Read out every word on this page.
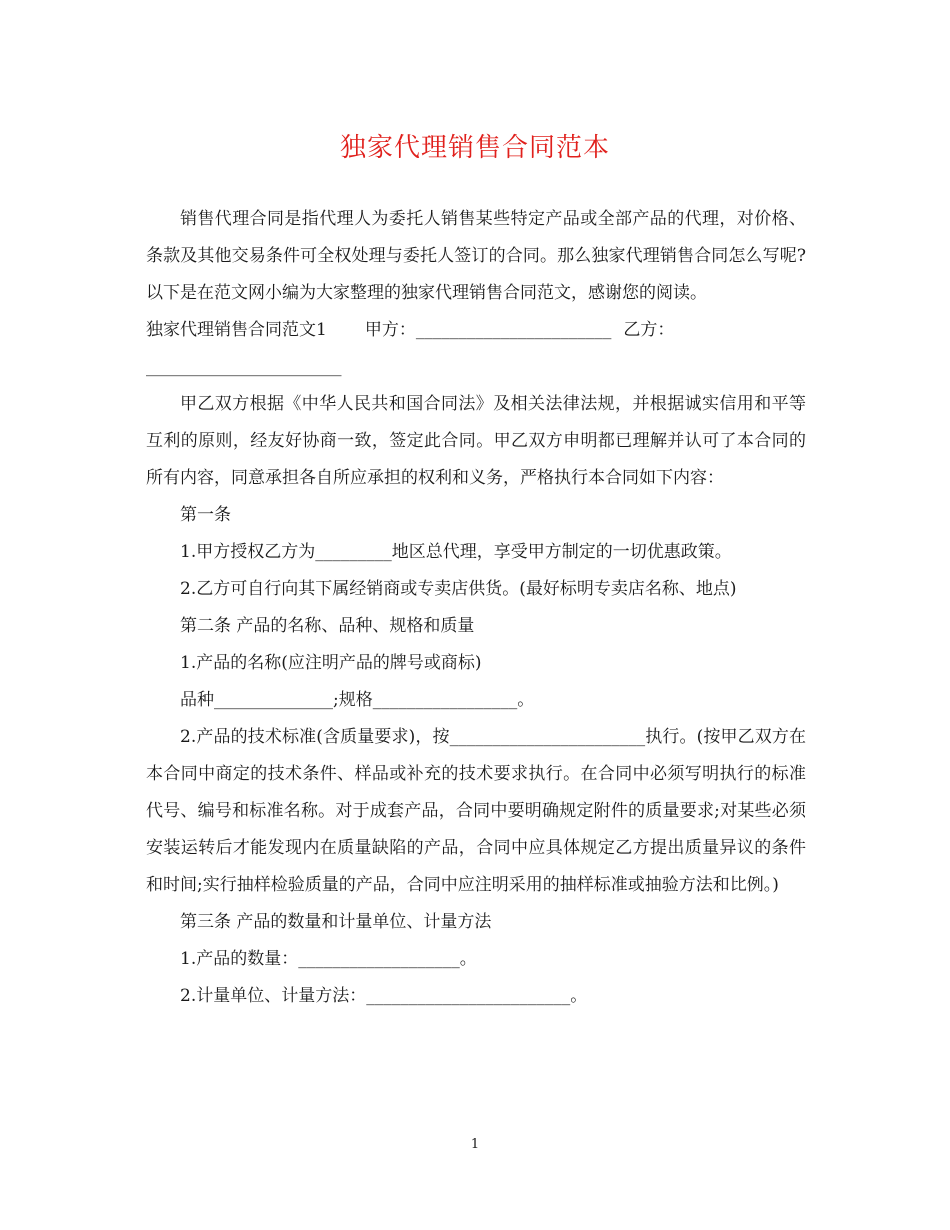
独家代理销售合同范本

销售代理合同是指代理人为委托人销售某些特定产品或全部产品的代理，对价格、条款及其他交易条件可全权处理与委托人签订的合同。那么独家代理销售合同怎么写呢?以下是在范文网小编为大家整理的独家代理销售合同范文，感谢您的阅读。

独家代理销售合同范文1 甲方：_______________________ 乙方：

_______________________

甲乙双方根据《中华人民共和国合同法》及相关法律法规，并根据诚实信用和平等互利的原则，经友好协商一致，签定此合同。甲乙双方申明都已理解并认可了本合同的所有内容，同意承担各自所应承担的权利和义务，严格执行本合同如下内容：

第一条

1.甲方授权乙方为_________地区总代理，享受甲方制定的一切优惠政策。

2.乙方可自行向其下属经销商或专卖店供货。(最好标明专卖店名称、地点)

第二条 产品的名称、品种、规格和质量

1.产品的名称(应注明产品的牌号或商标)

品种______________;规格_________________。

2.产品的技术标准(含质量要求)，按_______________________执行。(按甲乙双方在本合同中商定的技术条件、样品或补充的技术要求执行。在合同中必须写明执行的标准代号、编号和标准名称。对于成套产品，合同中要明确规定附件的质量要求;对某些必须安装运转后才能发现内在质量缺陷的产品，合同中应具体规定乙方提出质量异议的条件和时间;实行抽样检验质量的产品，合同中应注明采用的抽样标准或抽验方法和比例。)

第三条 产品的数量和计量单位、计量方法

1.产品的数量：___________________。

2.计量单位、计量方法：________________________。

1
